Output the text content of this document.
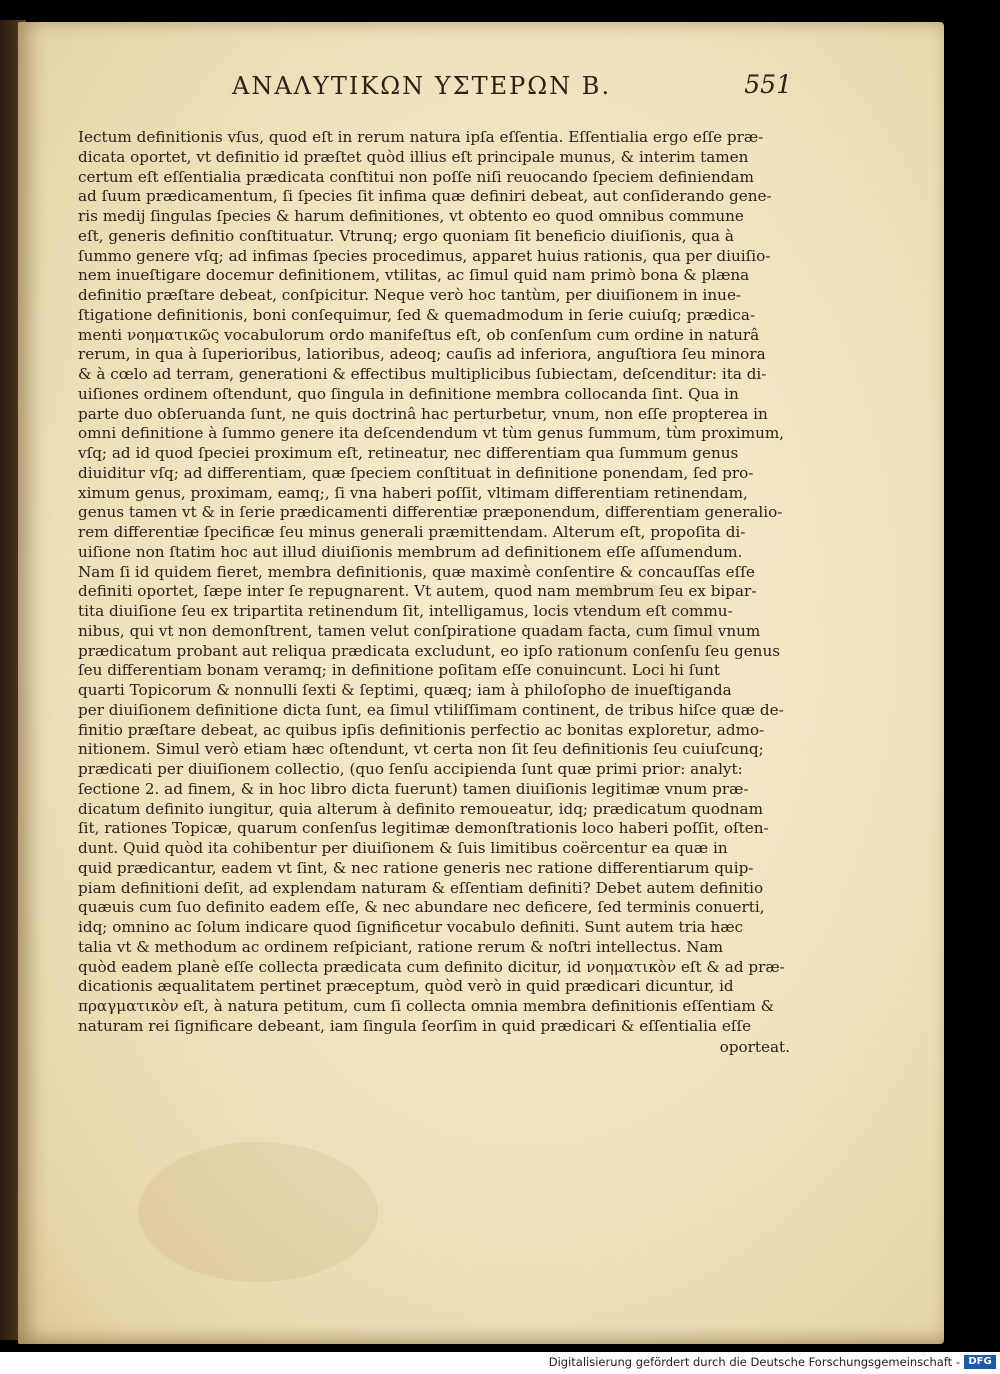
ΑΝΑΛΥΤΙΚΩΝ ΥΣΤΕΡΩΝ Β.	551
Iectum definitionis vſus, quod eſt in rerum natura ipſa eſſentia. Eſſentialia ergo eſſe præ-
dicata oportet, vt definitio id præſtet quòd illius eſt principale munus, & interim tamen
certum eſt eſſentialia prædicata conſtitui non poſſe niſi reuocando ſpeciem definiendam
ad ſuum prædicamentum, ſi ſpecies ſit infima quæ definiri debeat, aut conſiderando gene-
ris medij ſingulas ſpecies & harum definitiones, vt obtento eo quod omnibus commune
eſt, generis definitio conſtituatur. Vtrunq; ergo quoniam ſit beneficio diuiſionis, qua à
ſummo genere vſq; ad infimas ſpecies procedimus, apparet huius rationis, qua per diuiſio-
nem inueſtigare docemur definitionem, vtilitas, ac ſimul quid nam primò bona & plæna
definitio præſtare debeat, conſpicitur. Neque verò hoc tantùm, per diuiſionem in inue-
ſtigatione definitionis, boni conſequimur, ſed & quemadmodum in ſerie cuiuſq; prædica-
menti νοηματικῶς vocabulorum ordo manifeſtus eſt, ob conſenſum cum ordine in naturâ
rerum, in qua à ſuperioribus, latioribus, adeoq; cauſis ad inferiora, anguſtiora ſeu minora
& à cœlo ad terram, generationi & effectibus multiplicibus ſubiectam, deſcenditur: ita di-
uiſiones ordinem oſtendunt, quo ſingula in definitione membra collocanda ſint. Qua in
parte duo obſeruanda ſunt, ne quis doctrinâ hac perturbetur, vnum, non eſſe propterea in
omni definitione à ſummo genere ita deſcendendum vt tùm genus ſummum, tùm proximum,
vſq; ad id quod ſpeciei proximum eſt, retineatur, nec differentiam qua ſummum genus
diuiditur vſq; ad differentiam, quæ ſpeciem conſtituat in definitione ponendam, ſed pro-
ximum genus, proximam, eamq;, ſi vna haberi poſſit, vltimam differentiam retinendam,
genus tamen vt & in ſerie prædicamenti differentiæ præponendum, differentiam generalio-
rem differentiæ ſpecificæ ſeu minus generali præmittendam. Alterum eſt, propoſita di-
uiſione non ſtatim hoc aut illud diuiſionis membrum ad definitionem eſſe aſſumendum.
Nam ſi id quidem fieret, membra definitionis, quæ maximè conſentire & concauſſas eſſe
definiti oportet, ſæpe inter ſe repugnarent. Vt autem, quod nam membrum ſeu ex bipar-
tita diuiſione ſeu ex tripartita retinendum ſit, intelligamus, locis vtendum eſt commu-
nibus, qui vt non demonſtrent, tamen velut conſpiratione quadam facta, cum ſimul vnum
prædicatum probant aut reliqua prædicata excludunt, eo ipſo rationum conſenſu ſeu genus
ſeu differentiam bonam veramq; in definitione poſitam eſſe conuincunt. Loci hi ſunt
quarti Topicorum & nonnulli ſexti & ſeptimi, quæq; iam à philoſopho de inueſtiganda
per diuiſionem definitione dicta ſunt, ea ſimul vtiliſſimam continent, de tribus hiſce quæ de-
finitio præſtare debeat, ac quibus ipſis definitionis perfectio ac bonitas exploretur, admo-
nitionem. Simul verò etiam hæc oſtendunt, vt certa non ſit ſeu definitionis ſeu cuiuſcunq;
prædicati per diuiſionem collectio, (quo ſenſu accipienda ſunt quæ primi prior: analyt:
ſectione 2. ad finem, & in hoc libro dicta fuerunt) tamen diuiſionis legitimæ vnum præ-
dicatum definito iungitur, quia alterum à definito remoueatur, idq; prædicatum quodnam
ſit, rationes Topicæ, quarum conſenſus legitimæ demonſtrationis loco haberi poſſit, oſten-
dunt. Quid quòd ita cohibentur per diuiſionem & ſuis limitibus coërcentur ea quæ in
quid prædicantur, eadem vt ſint, & nec ratione generis nec ratione differentiarum quip-
piam definitioni deſit, ad explendam naturam & eſſentiam definiti? Debet autem definitio
quæuis cum ſuo definito eadem eſſe, & nec abundare nec deficere, ſed terminis conuerti,
idq; omnino ac ſolum indicare quod ſignificetur vocabulo definiti. Sunt autem tria hæc
talia vt & methodum ac ordinem reſpiciant, ratione rerum & noſtri intellectus. Nam
quòd eadem planè eſſe collecta prædicata cum definito dicitur, id νοηματικὸν eſt & ad præ-
dicationis æqualitatem pertinet præceptum, quòd verò in quid prædicari dicuntur, id
πραγματικὸν eſt, à natura petitum, cum ſi collecta omnia membra definitionis eſſentiam &
naturam rei ſignificare debeant, iam ſingula ſeorſim in quid prædicari & eſſentialia eſſe
oporteat.
Digitalisierung gefördert durch die Deutsche Forschungsgemeinschaft - DFG
